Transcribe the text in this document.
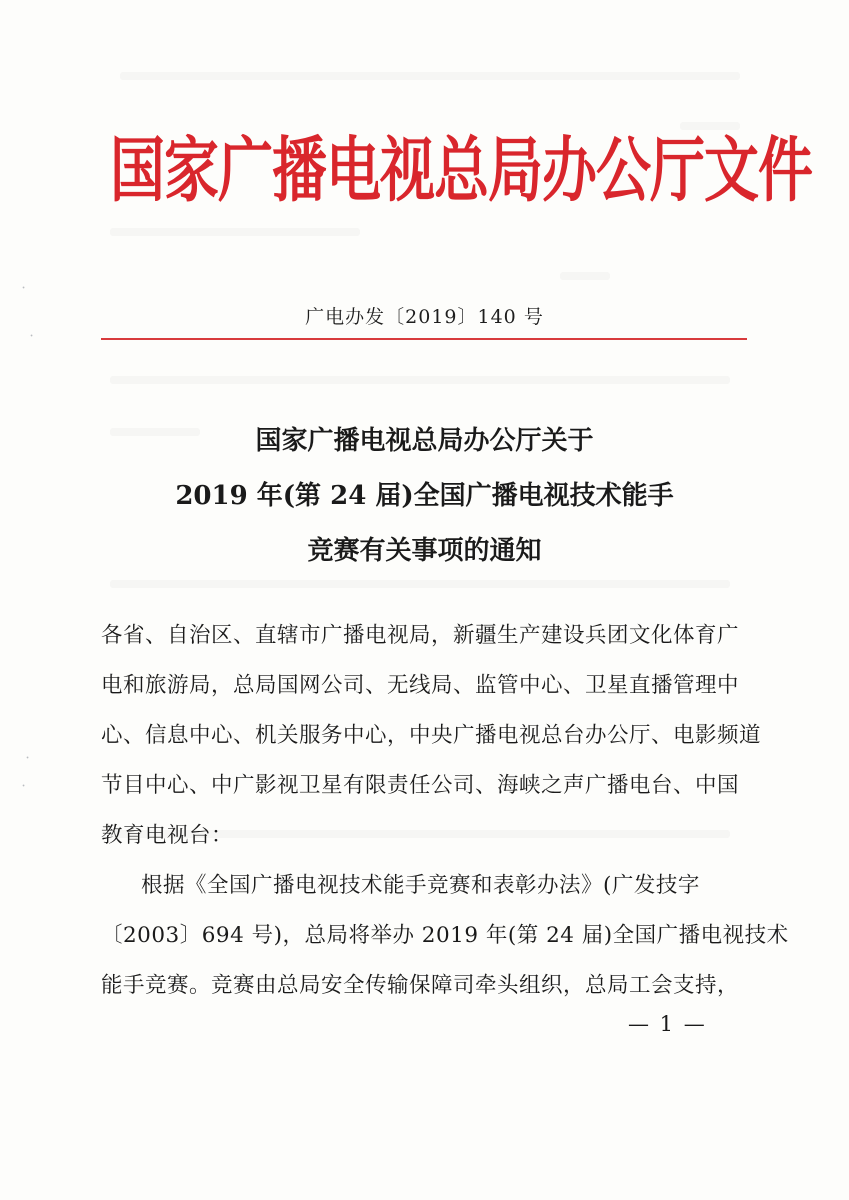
ꞏ
ꞏ
ꞏ
ꞏ
国家广播电视总局办公厅文件
广电办发〔2019〕140 号
国家广播电视总局办公厅关于
2019 年(第 24 届)全国广播电视技术能手
竞赛有关事项的通知
各省、自治区、直辖市广播电视局，新疆生产建设兵团文化体育广
电和旅游局，总局国网公司、无线局、监管中心、卫星直播管理中
心、信息中心、机关服务中心，中央广播电视总台办公厅、电影频道
节目中心、中广影视卫星有限责任公司、海峡之声广播电台、中国
教育电视台：
根据《全国广播电视技术能手竞赛和表彰办法》(广发技字
〔2003〕694 号)，总局将举办 2019 年(第 24 届)全国广播电视技术
能手竞赛。竞赛由总局安全传输保障司牵头组织，总局工会支持，
— 1 —
